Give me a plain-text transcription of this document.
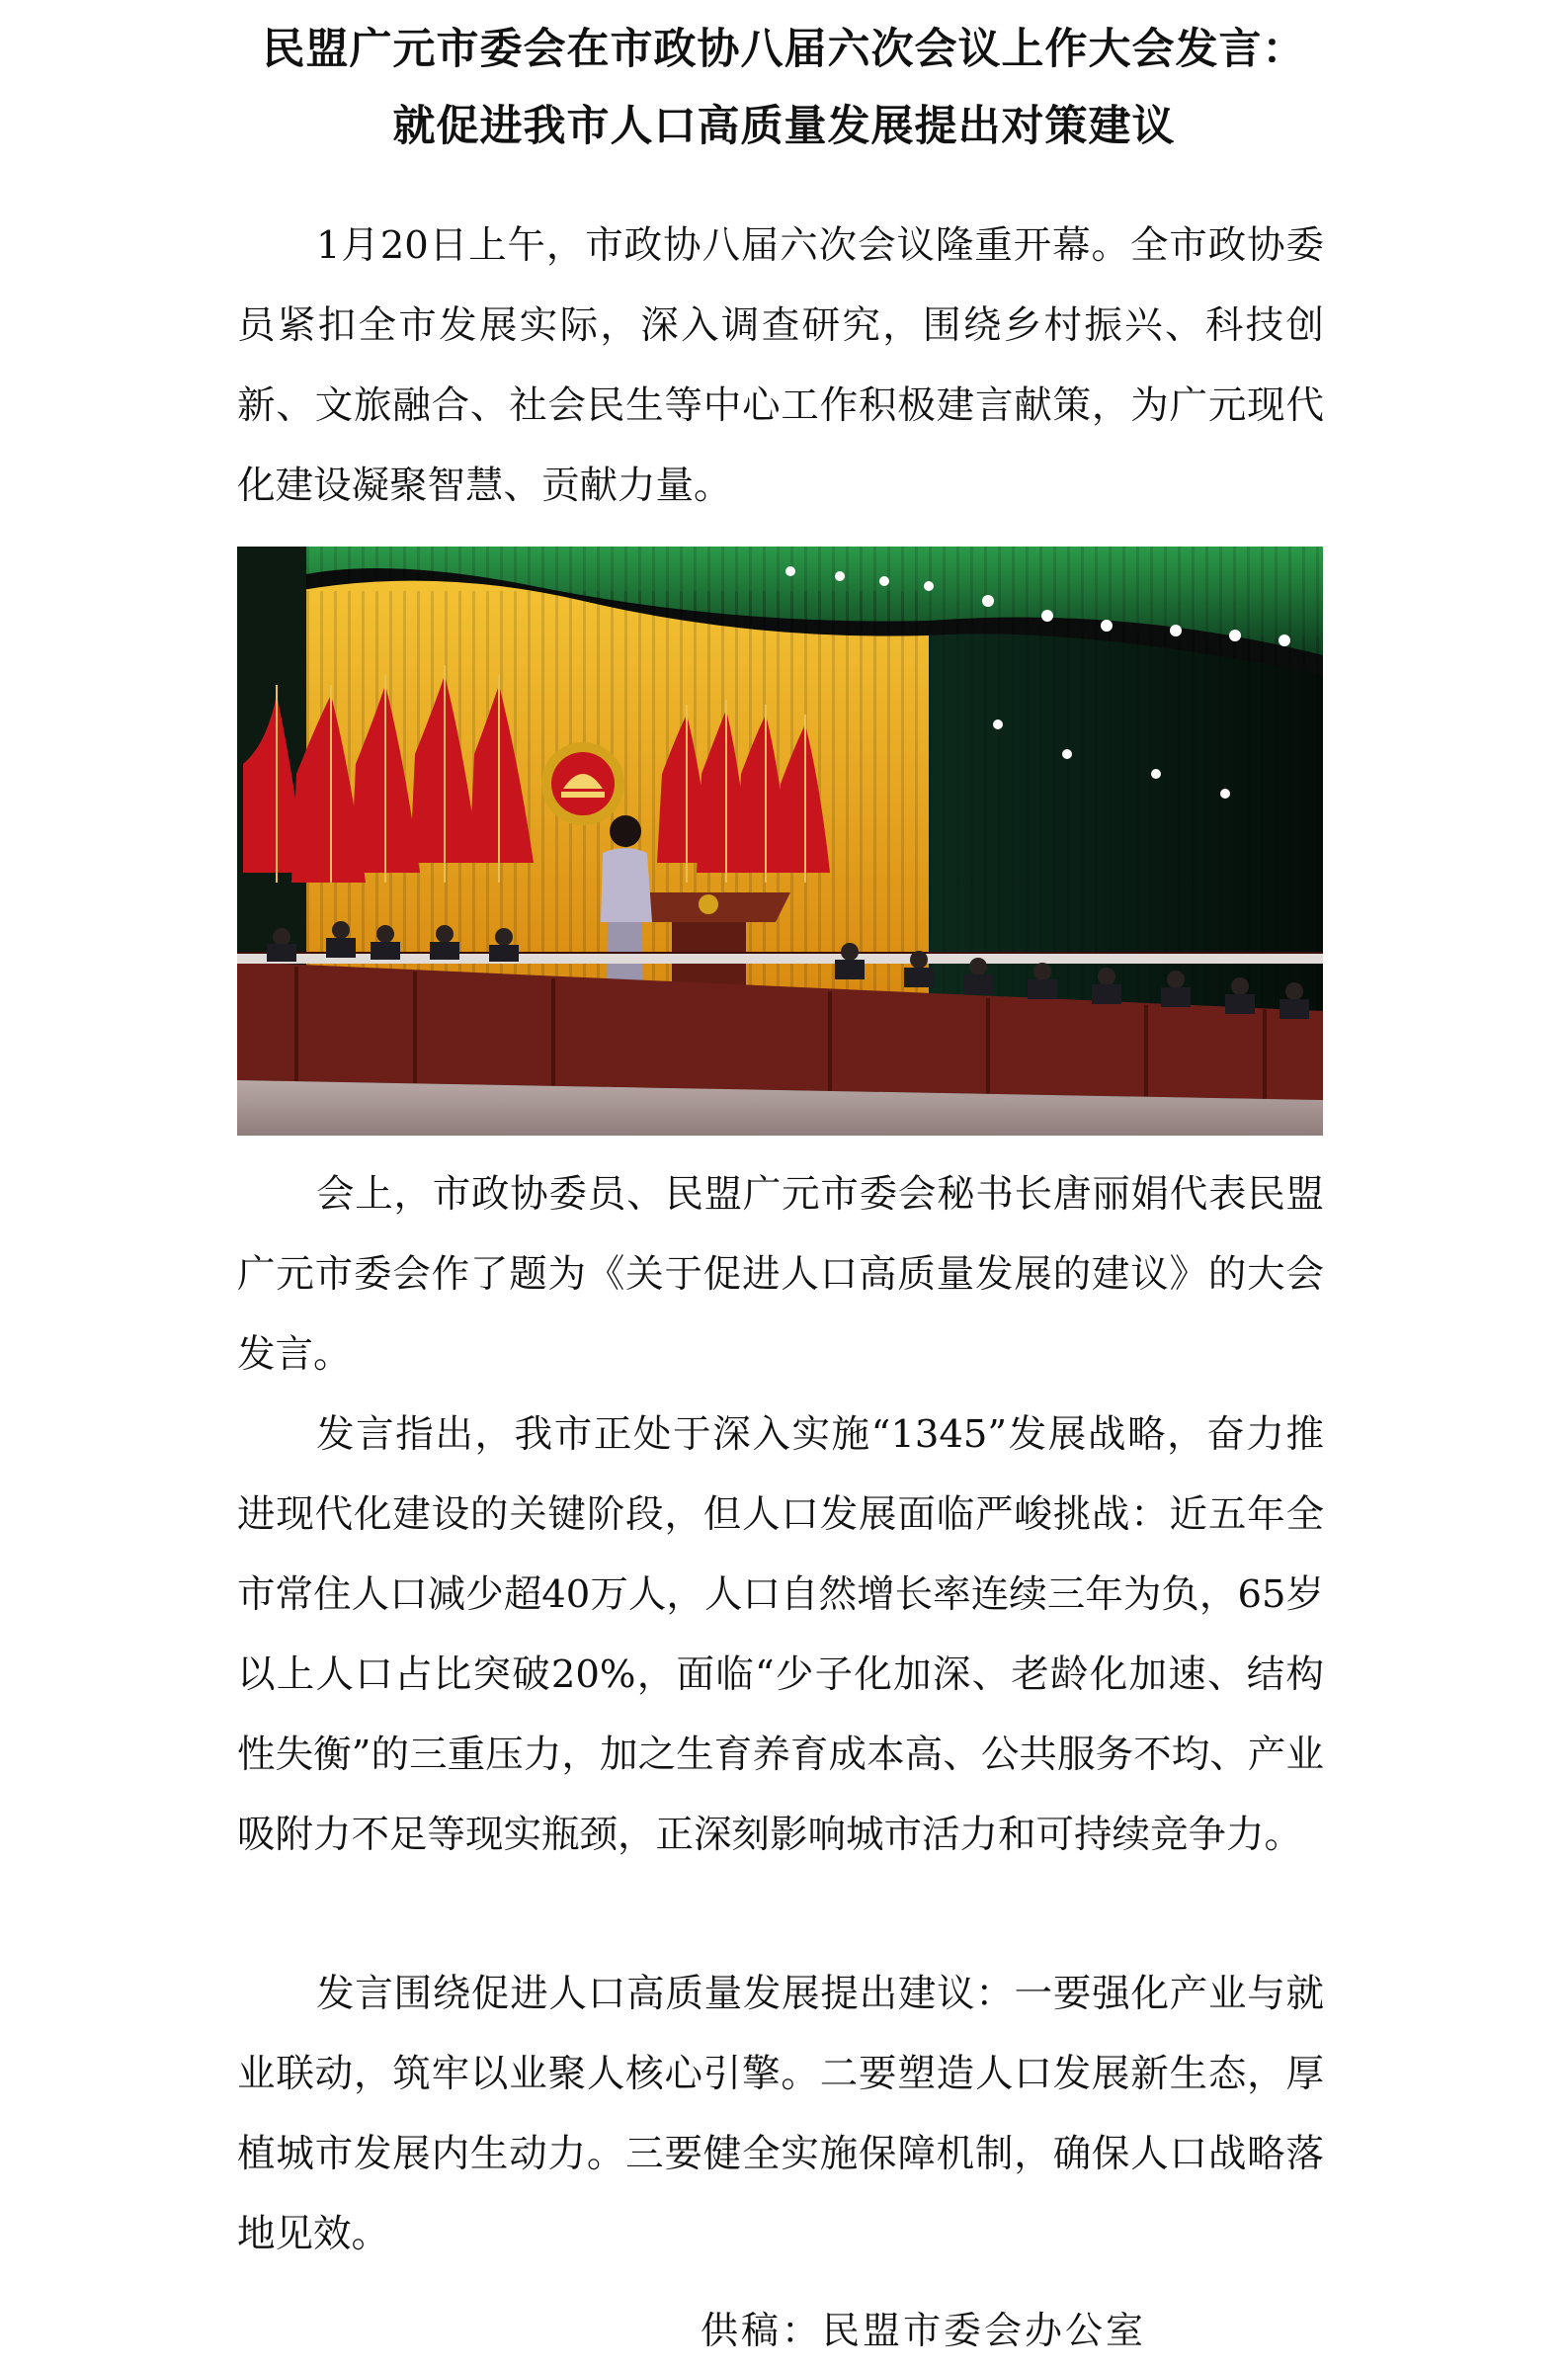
民盟广元市委会在市政协八届六次会议上作大会发言：
就促进我市人口高质量发展提出对策建议

1月20日上午，市政协八届六次会议隆重开幕。全市政协委员紧扣全市发展实际，深入调查研究，围绕乡村振兴、科技创新、文旅融合、社会民生等中心工作积极建言献策，为广元现代化建设凝聚智慧、贡献力量。

会上，市政协委员、民盟广元市委会秘书长唐丽娟代表民盟广元市委会作了题为《关于促进人口高质量发展的建议》的大会发言。

发言指出，我市正处于深入实施“1345”发展战略，奋力推进现代化建设的关键阶段，但人口发展面临严峻挑战：近五年全市常住人口减少超40万人，人口自然增长率连续三年为负，65岁以上人口占比突破20%，面临“少子化加深、老龄化加速、结构性失衡”的三重压力，加之生育养育成本高、公共服务不均、产业吸附力不足等现实瓶颈，正深刻影响城市活力和可持续竞争力。

发言围绕促进人口高质量发展提出建议：一要强化产业与就业联动，筑牢以业聚人核心引擎。二要塑造人口发展新生态，厚植城市发展内生动力。三要健全实施保障机制，确保人口战略落地见效。

供稿：民盟市委会办公室
